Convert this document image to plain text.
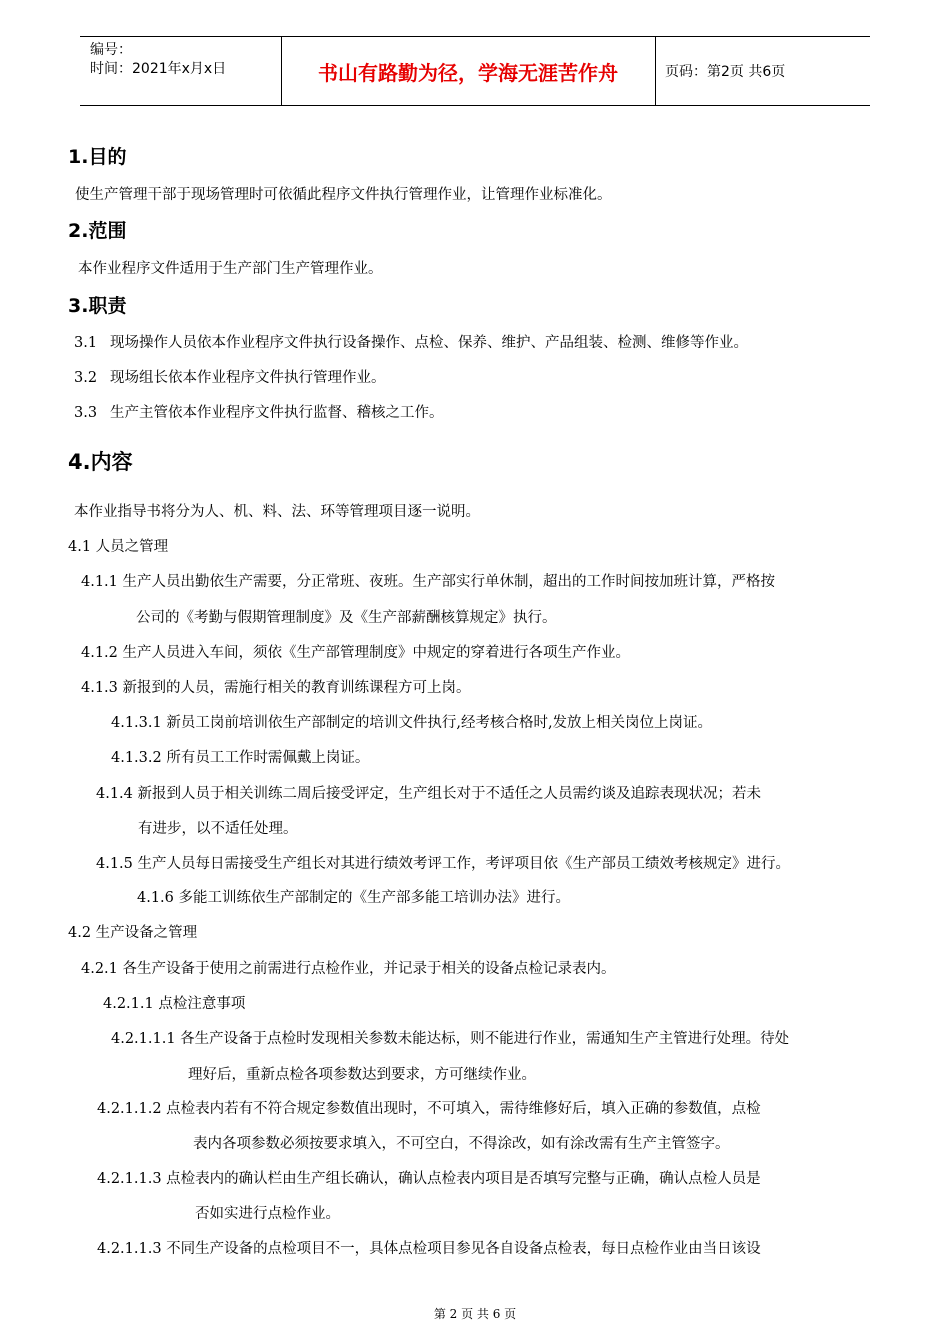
编号：
时间：2021年x月x日	书山有路勤为径，学海无涯苦作舟	页码：第2页 共6页
1.目的
使生产管理干部于现场管理时可依循此程序文件执行管理作业，让管理作业标准化。
2.范围
本作业程序文件适用于生产部门生产管理作业。
3.职责
3.1 现场操作人员依本作业程序文件执行设备操作、点检、保养、维护、产品组装、检测、维修等作业。
3.2 现场组长依本作业程序文件执行管理作业。
3.3 生产主管依本作业程序文件执行监督、稽核之工作。
4.内容
本作业指导书将分为人、机、料、法、环等管理项目逐一说明。
4.1 人员之管理
4.1.1 生产人员出勤依生产需要，分正常班、夜班。生产部实行单休制，超出的工作时间按加班计算，严格按
公司的《考勤与假期管理制度》及《生产部薪酬核算规定》执行。
4.1.2 生产人员进入车间，须依《生产部管理制度》中规定的穿着进行各项生产作业。
4.1.3 新报到的人员，需施行相关的教育训练课程方可上岗。
4.1.3.1 新员工岗前培训依生产部制定的培训文件执行,经考核合格时,发放上相关岗位上岗证。
4.1.3.2 所有员工工作时需佩戴上岗证。
4.1.4 新报到人员于相关训练二周后接受评定，生产组长对于不适任之人员需约谈及追踪表现状况；若未
有进步，以不适任处理。
4.1.5 生产人员每日需接受生产组长对其进行绩效考评工作，考评项目依《生产部员工绩效考核规定》进行。
4.1.6 多能工训练依生产部制定的《生产部多能工培训办法》进行。
4.2 生产设备之管理
4.2.1 各生产设备于使用之前需进行点检作业，并记录于相关的设备点检记录表内。
4.2.1.1 点检注意事项
4.2.1.1.1 各生产设备于点检时发现相关参数未能达标，则不能进行作业，需通知生产主管进行处理。待处
理好后，重新点检各项参数达到要求，方可继续作业。
4.2.1.1.2 点检表内若有不符合规定参数值出现时，不可填入，需待维修好后，填入正确的参数值，点检
表内各项参数必须按要求填入，不可空白，不得涂改，如有涂改需有生产主管签字。
4.2.1.1.3 点检表内的确认栏由生产组长确认，确认点检表内项目是否填写完整与正确，确认点检人员是
否如实进行点检作业。
4.2.1.1.3 不同生产设备的点检项目不一，具体点检项目参见各自设备点检表，每日点检作业由当日该设
第 2 页 共 6 页
